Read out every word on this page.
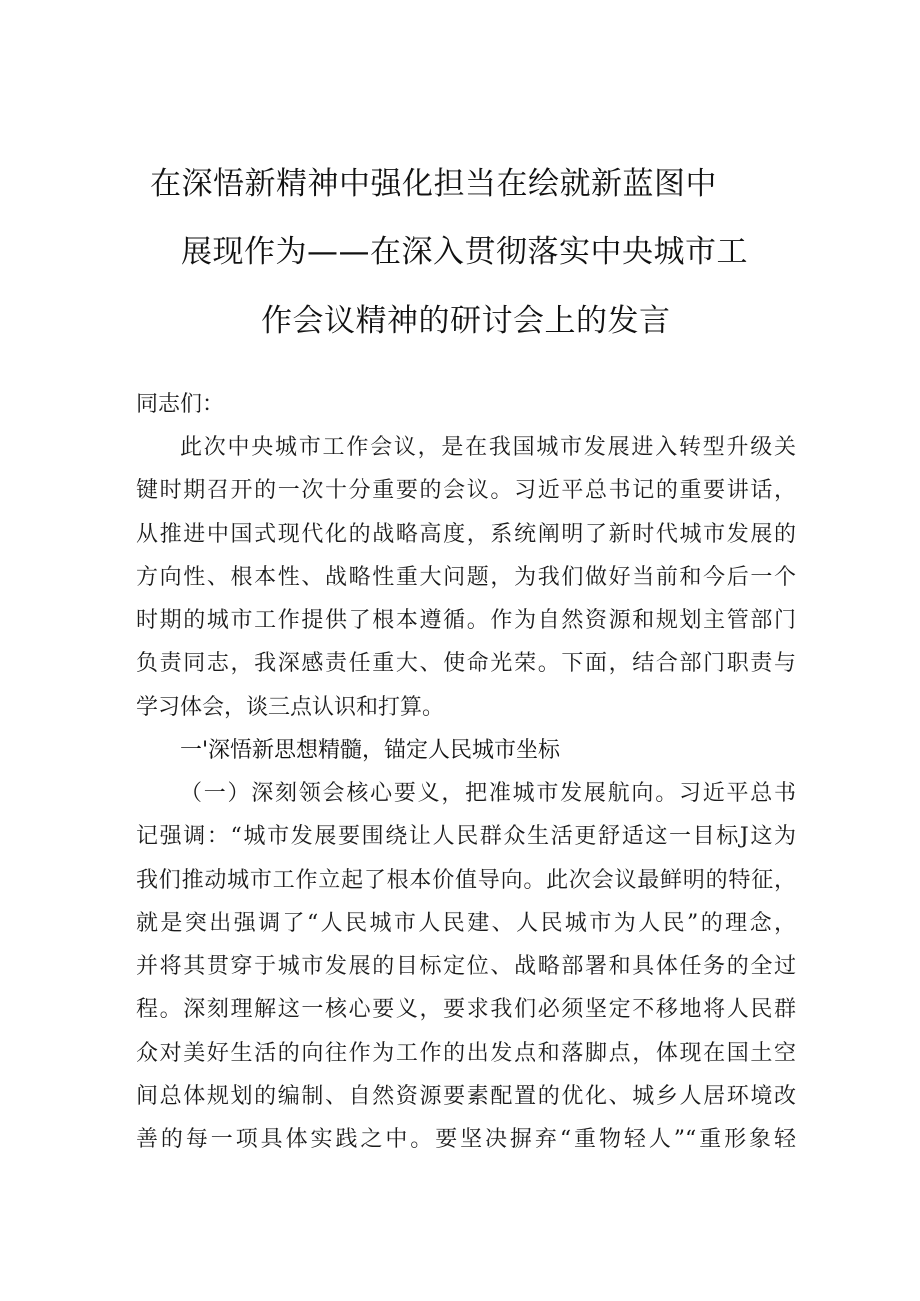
在深悟新精神中强化担当在绘就新蓝图中
展现作为——在深入贯彻落实中央城市工
作会议精神的研讨会上的发言
同志们：
此次中央城市工作会议，是在我国城市发展进入转型升级关
键时期召开的一次十分重要的会议。习近平总书记的重要讲话，
从推进中国式现代化的战略高度，系统阐明了新时代城市发展的
方向性、根本性、战略性重大问题，为我们做好当前和今后一个
时期的城市工作提供了根本遵循。作为自然资源和规划主管部门
负责同志，我深感责任重大、使命光荣。下面，结合部门职责与
学习体会，谈三点认识和打算。
一'深悟新思想精髓，锚定人民城市坐标
（一）深刻领会核心要义，把准城市发展航向。习近平总书
记强调：“城市发展要围绕让人民群众生活更舒适这一目标J这为
我们推动城市工作立起了根本价值导向。此次会议最鲜明的特征，
就是突出强调了“人民城市人民建、人民城市为人民”的理念，
并将其贯穿于城市发展的目标定位、战略部署和具体任务的全过
程。深刻理解这一核心要义，要求我们必须坚定不移地将人民群
众对美好生活的向往作为工作的出发点和落脚点，体现在国土空
间总体规划的编制、自然资源要素配置的优化、城乡人居环境改
善的每一项具体实践之中。要坚决摒弃“重物轻人”“重形象轻
